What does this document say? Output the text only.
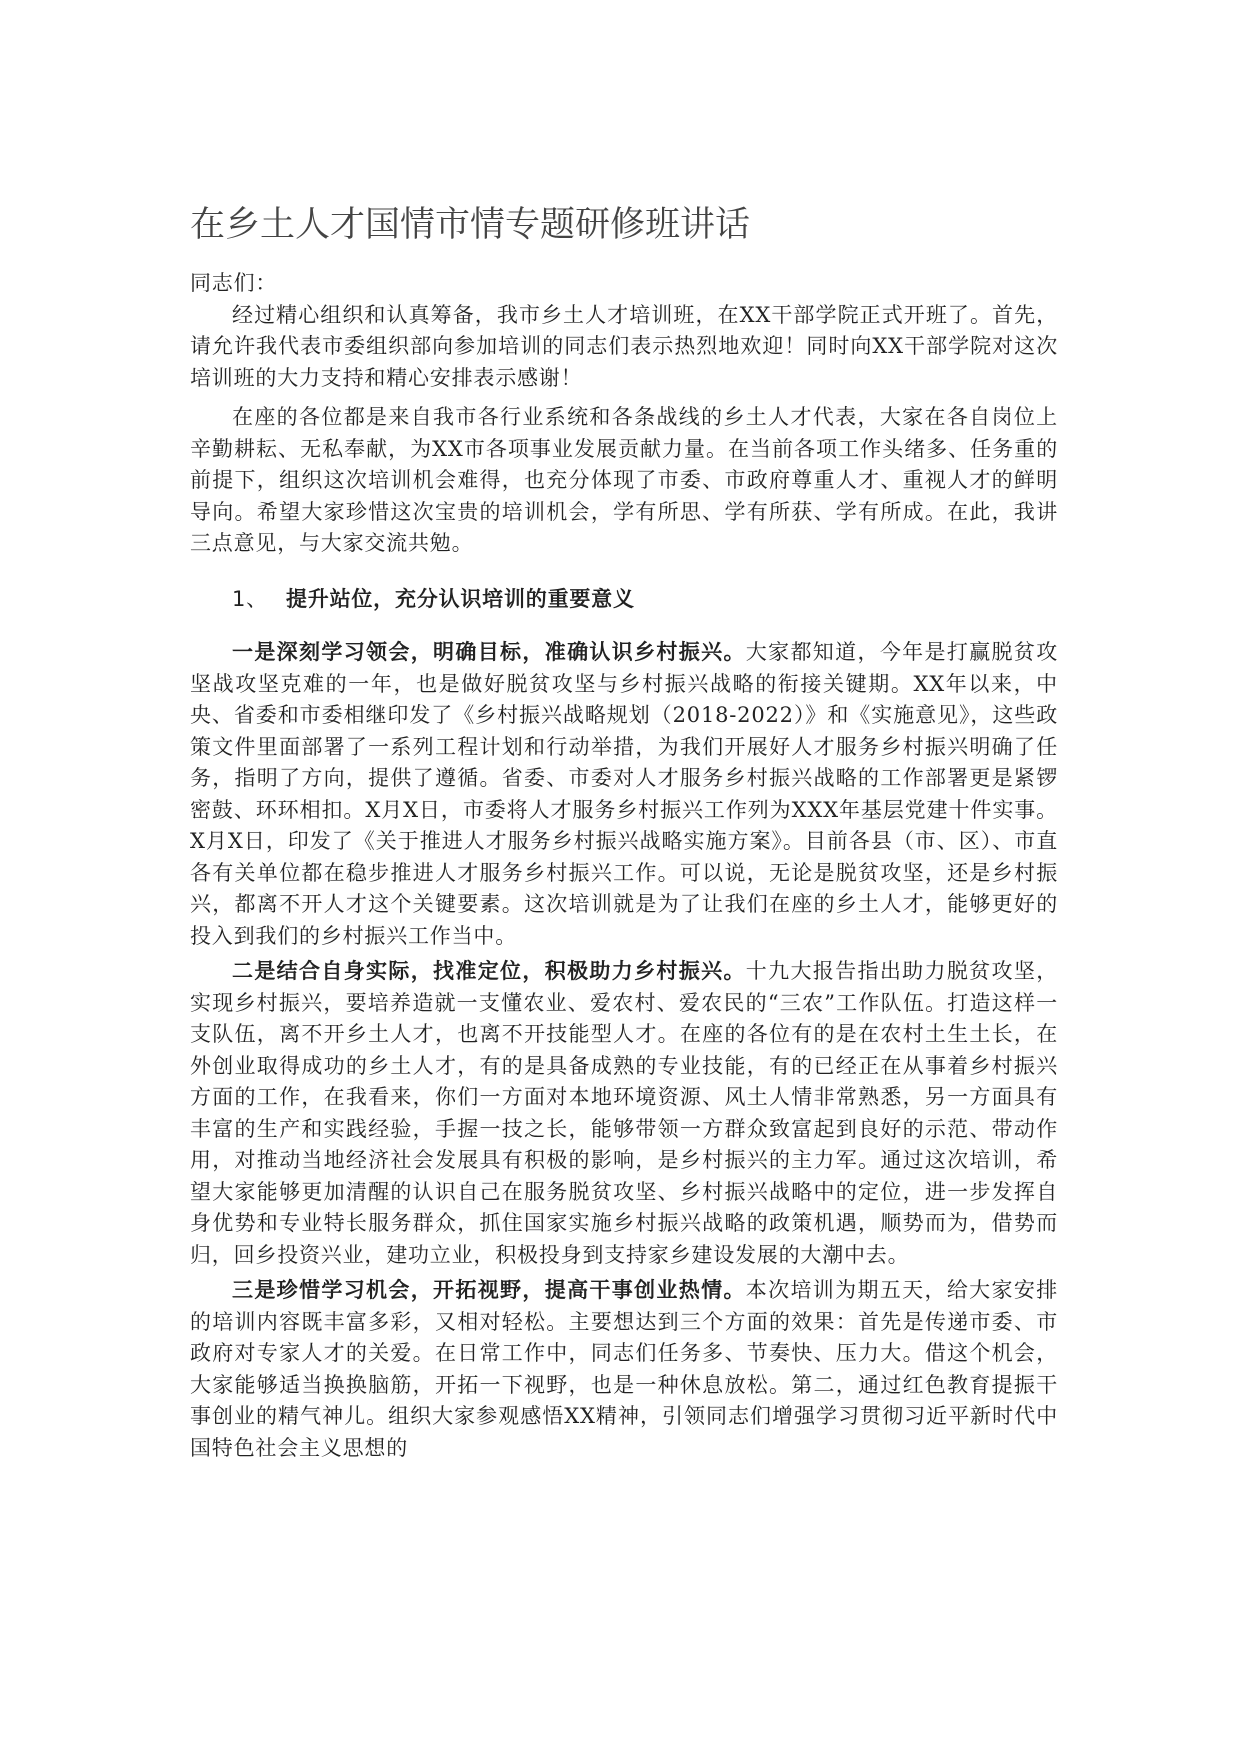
在乡土人才国情市情专题研修班讲话

同志们：

经过精心组织和认真筹备，我市乡土人才培训班，在XX干部学院正式开班了。首先，请允许我代表市委组织部向参加培训的同志们表示热烈地欢迎！同时向XX干部学院对这次培训班的大力支持和精心安排表示感谢！

在座的各位都是来自我市各行业系统和各条战线的乡土人才代表，大家在各自岗位上辛勤耕耘、无私奉献，为XX市各项事业发展贡献力量。在当前各项工作头绪多、任务重的前提下，组织这次培训机会难得，也充分体现了市委、市政府尊重人才、重视人才的鲜明导向。希望大家珍惜这次宝贵的培训机会，学有所思、学有所获、学有所成。在此，我讲三点意见，与大家交流共勉。

1、 提升站位，充分认识培训的重要意义

一是深刻学习领会，明确目标，准确认识乡村振兴。大家都知道，今年是打赢脱贫攻坚战攻坚克难的一年，也是做好脱贫攻坚与乡村振兴战略的衔接关键期。XX年以来，中央、省委和市委相继印发了《乡村振兴战略规划（2018-2022）》和《实施意见》，这些政策文件里面部署了一系列工程计划和行动举措，为我们开展好人才服务乡村振兴明确了任务，指明了方向，提供了遵循。省委、市委对人才服务乡村振兴战略的工作部署更是紧锣密鼓、环环相扣。X月X日，市委将人才服务乡村振兴工作列为XXX年基层党建十件实事。X月X日，印发了《关于推进人才服务乡村振兴战略实施方案》。目前各县（市、区）、市直各有关单位都在稳步推进人才服务乡村振兴工作。可以说，无论是脱贫攻坚，还是乡村振兴，都离不开人才这个关键要素。这次培训就是为了让我们在座的乡土人才，能够更好的投入到我们的乡村振兴工作当中。

二是结合自身实际，找准定位，积极助力乡村振兴。十九大报告指出助力脱贫攻坚，实现乡村振兴，要培养造就一支懂农业、爱农村、爱农民的“三农”工作队伍。打造这样一支队伍，离不开乡土人才，也离不开技能型人才。在座的各位有的是在农村土生土长，在外创业取得成功的乡土人才，有的是具备成熟的专业技能，有的已经正在从事着乡村振兴方面的工作，在我看来，你们一方面对本地环境资源、风土人情非常熟悉，另一方面具有丰富的生产和实践经验，手握一技之长，能够带领一方群众致富起到良好的示范、带动作用，对推动当地经济社会发展具有积极的影响，是乡村振兴的主力军。通过这次培训，希望大家能够更加清醒的认识自己在服务脱贫攻坚、乡村振兴战略中的定位，进一步发挥自身优势和专业特长服务群众，抓住国家实施乡村振兴战略的政策机遇，顺势而为，借势而归，回乡投资兴业，建功立业，积极投身到支持家乡建设发展的大潮中去。

三是珍惜学习机会，开拓视野，提高干事创业热情。本次培训为期五天，给大家安排的培训内容既丰富多彩，又相对轻松。主要想达到三个方面的效果：首先是传递市委、市政府对专家人才的关爱。在日常工作中，同志们任务多、节奏快、压力大。借这个机会，大家能够适当换换脑筋，开拓一下视野，也是一种休息放松。第二，通过红色教育提振干事创业的精气神儿。组织大家参观感悟XX精神，引领同志们增强学习贯彻习近平新时代中国特色社会主义思想的
